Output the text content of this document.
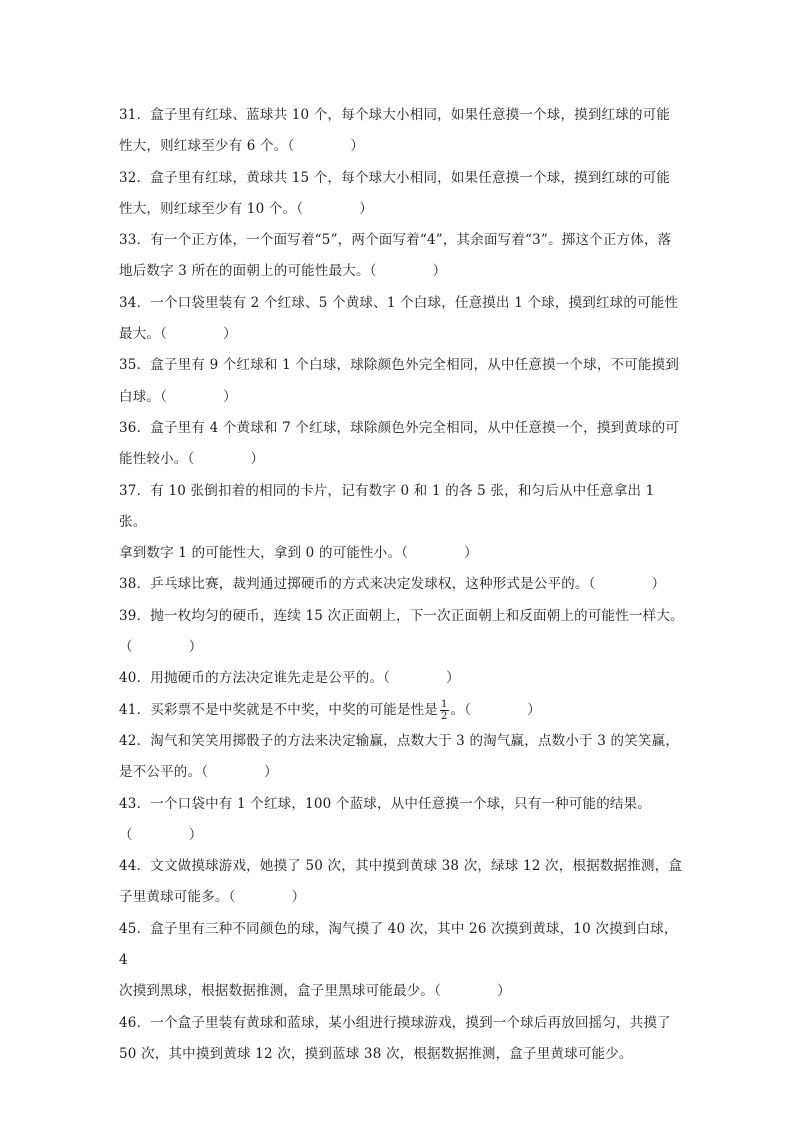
31．盒子里有红球、蓝球共 10 个，每个球大小相同，如果任意摸一个球，摸到红球的可能

性大，则红球至少有 6 个。（	）

32．盒子里有红球，黄球共 15 个，每个球大小相同，如果任意摸一个球，摸到红球的可能

性大，则红球至少有 10 个。（	）

33．有一个正方体，一个面写着“5”，两个面写着“4”，其余面写着“3”。掷这个正方体，落

地后数字 3 所在的面朝上的可能性最大。（	）

34．一个口袋里装有 2 个红球、5 个黄球、1 个白球，任意摸出 1 个球，摸到红球的可能性

最大。（	）

35．盒子里有 9 个红球和 1 个白球，球除颜色外完全相同，从中任意摸一个球，不可能摸到

白球。（	）

36．盒子里有 4 个黄球和 7 个红球，球除颜色外完全相同，从中任意摸一个，摸到黄球的可

能性较小。（	）

37．有 10 张倒扣着的相同的卡片，记有数字 0 和 1 的各 5 张，和匀后从中任意拿出 1 张。

拿到数字 1 的可能性大，拿到 0 的可能性小。（	）

38．乒乓球比赛，裁判通过掷硬币的方式来决定发球权，这种形式是公平的。（	）

39．抛一枚均匀的硬币，连续 15 次正面朝上，下一次正面朝上和反面朝上的可能性一样大。

（	）

40．用抛硬币的方法决定谁先走是公平的。（	）

41．买彩票不是中奖就是不中奖，中奖的可能是性是 $\frac{1}{2}$ 。（	）

42．淘气和笑笑用掷骰子的方法来决定输赢，点数大于 3 的淘气赢，点数小于 3 的笑笑赢，

是不公平的。（	）

43．一个口袋中有 1 个红球，100 个蓝球，从中任意摸一个球，只有一种可能的结果。

（	）

44．文文做摸球游戏，她摸了 50 次，其中摸到黄球 38 次，绿球 12 次，根据数据推测，盒

子里黄球可能多。（	）

45．盒子里有三种不同颜色的球，淘气摸了 40 次，其中 26 次摸到黄球，10 次摸到白球，4

次摸到黑球，根据数据推测，盒子里黑球可能最少。（	）

46．一个盒子里装有黄球和蓝球，某小组进行摸球游戏，摸到一个球后再放回摇匀，共摸了

50 次，其中摸到黄球 12 次，摸到蓝球 38 次，根据数据推测，盒子里黄球可能少。
